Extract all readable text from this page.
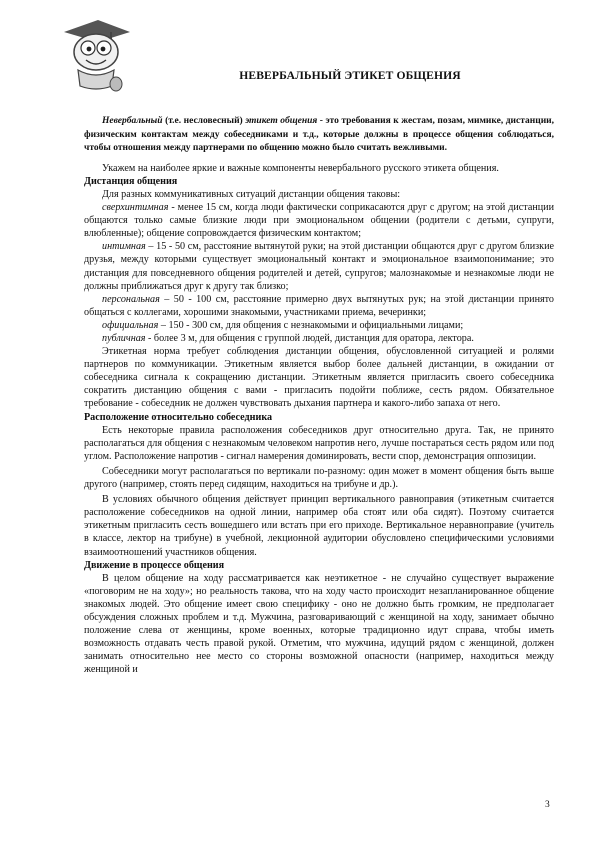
НЕВЕРБАЛЬНЫЙ ЭТИКЕТ ОБЩЕНИЯ

Невербальный (т.е. несловесный) этикет общения - это требования к жестам, позам, мимике, дистанции, физическим контактам между собеседниками и т.д., которые должны в процессе общения соблюдаться, чтобы отношения между партнерами по общению можно было считать вежливыми.

Укажем на наиболее яркие и важные компоненты невербального русского этикета общения.

Дистанция общения

Для разных коммуникативных ситуаций дистанции общения таковы:

сверхинтимная - менее 15 см, когда люди фактически соприкасаются друг с другом; на этой дистанции общаются только самые близкие люди при эмоциональном общении (родители с детьми, супруги, влюбленные); общение сопровождается физическим контактом;

интимная – 15 - 50 см, расстояние вытянутой руки; на этой дистанции общаются друг с другом близкие друзья, между которыми существует эмоциональный контакт и эмоциональное взаимопонимание; это дистанция для повседневного общения родителей и детей, супругов; малознакомые и незнакомые люди не должны приближаться друг к другу так близко;

персональная – 50 - 100 см, расстояние примерно двух вытянутых рук; на этой дистанции принято общаться с коллегами, хорошими знакомыми, участниками приема, вечеринки;

официальная – 150 - 300 см, для общения с незнакомыми и официальными лицами;

публичная - более 3 м, для общения с группой людей, дистанция для оратора, лектора.

Этикетная норма требует соблюдения дистанции общения, обусловленной ситуацией и ролями партнеров по коммуникации. Этикетным является выбор более дальней дистанции, в ожидании от собеседника сигнала к сокращению дистанции. Этикетным является пригласить своего собеседника сократить дистанцию общения с вами - пригласить подойти поближе, сесть рядом. Обязательное требование - собеседник не должен чувствовать дыхания партнера и какого-либо запаха от него.

Расположение относительно собеседника

Есть некоторые правила расположения собеседников друг относительно друга. Так, не принято располагаться для общения с незнакомым человеком напротив него, лучше постараться сесть рядом или под углом. Расположение напротив - сигнал намерения доминировать, вести спор, демонстрация оппозиции.

Собеседники могут располагаться по вертикали по-разному: один может в момент общения быть выше другого (например, стоять перед сидящим, находиться на трибуне и др.).

В условиях обычного общения действует принцип вертикального равноправия (этикетным считается расположение собеседников на одной линии, например оба стоят или оба сидят). Поэтому считается этикетным пригласить сесть вошедшего или встать при его приходе. Вертикальное неравноправие (учитель в классе, лектор на трибуне) в учебной, лекционной аудитории обусловлено специфическими условиями взаимоотношений участников общения.

Движение в процессе общения

В целом общение на ходу рассматривается как неэтикетное - не случайно существует выражение «поговорим не на ходу»; но реальность такова, что на ходу часто происходит незапланированное общение знакомых людей. Это общение имеет свою специфику - оно не должно быть громким, не предполагает обсуждения сложных проблем и т.д. Мужчина, разговаривающий с женщиной на ходу, занимает обычно положение слева от женщины, кроме военных, которые традиционно идут справа, чтобы иметь возможность отдавать честь правой рукой. Отметим, что мужчина, идущий рядом с женщиной, должен занимать относительно нее место со стороны возможной опасности (например, находиться между женщиной и

3
